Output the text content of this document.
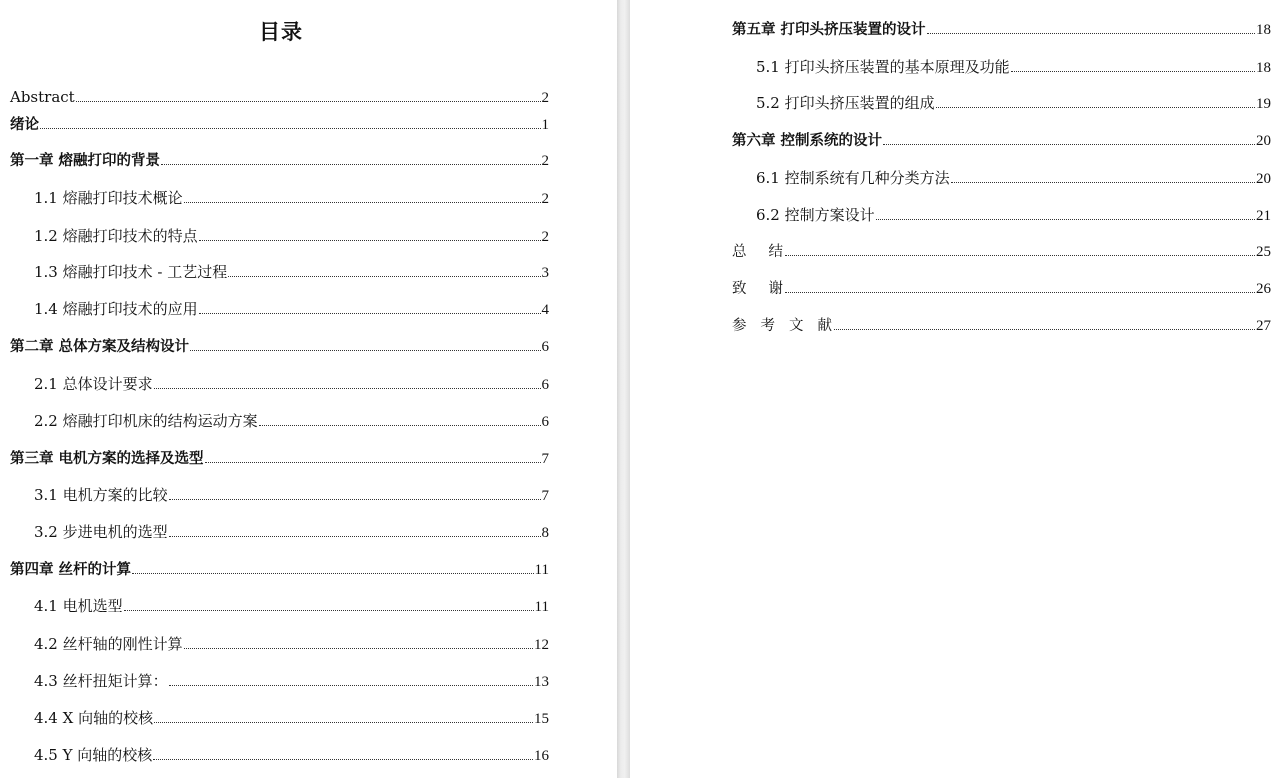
目录
Abstract	2
绪论	1
第一章 熔融打印的背景	2
1.1 熔融打印技术概论	2
1.2 熔融打印技术的特点	2
1.3 熔融打印技术 - 工艺过程	3
1.4 熔融打印技术的应用	4
第二章 总体方案及结构设计	6
2.1 总体设计要求	6
2.2 熔融打印机床的结构运动方案	6
第三章 电机方案的选择及选型	7
3.1 电机方案的比较	7
3.2 步进电机的选型	8
第四章 丝杆的计算	11
4.1 电机选型	11
4.2 丝杆轴的刚性计算	12
4.3 丝杆扭矩计算：	13
4.4 X 向轴的校核	15
4.5 Y 向轴的校核	16
第五章 打印头挤压装置的设计	18
5.1 打印头挤压装置的基本原理及功能	18
5.2 打印头挤压装置的组成	19
第六章 控制系统的设计	20
6.1 控制系统有几种分类方法	20
6.2 控制方案设计	21
总结	25
致谢	26
参考文献	27
